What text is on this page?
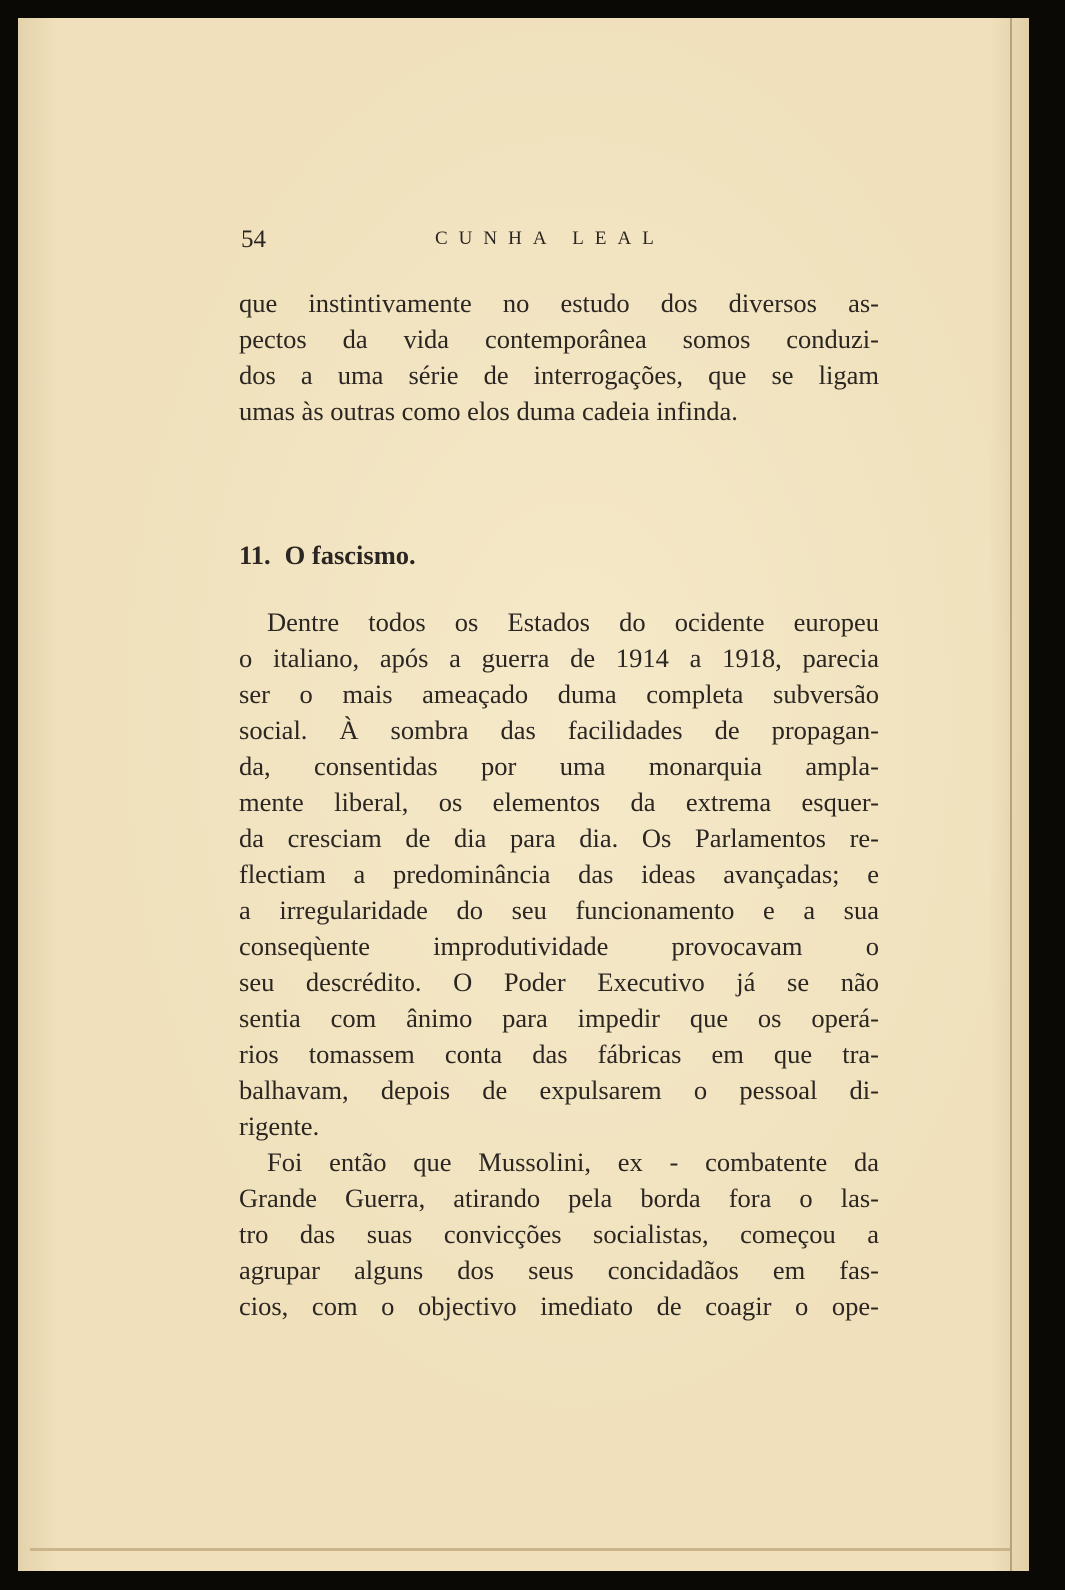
54	CUNHA LEAL
que instintivamente no estudo dos diversos as-
pectos da vida contemporânea somos conduzi-
dos a uma série de interrogações, que se ligam
umas às outras como elos duma cadeia infinda.
11. O fascismo.
Dentre todos os Estados do ocidente europeu
o italiano, após a guerra de 1914 a 1918, parecia
ser o mais ameaçado duma completa subversão
social. À sombra das facilidades de propagan-
da, consentidas por uma monarquia ampla-
mente liberal, os elementos da extrema esquer-
da cresciam de dia para dia. Os Parlamentos re-
flectiam a predominância das ideas avançadas; e
a irregularidade do seu funcionamento e a sua
conseqùente improdutividade provocavam o
seu descrédito. O Poder Executivo já se não
sentia com ânimo para impedir que os operá-
rios tomassem conta das fábricas em que tra-
balhavam, depois de expulsarem o pessoal di-
rigente.
Foi então que Mussolini, ex - combatente da
Grande Guerra, atirando pela borda fora o las-
tro das suas convicções socialistas, começou a
agrupar alguns dos seus concidadãos em fas-
cios, com o objectivo imediato de coagir o ope-
